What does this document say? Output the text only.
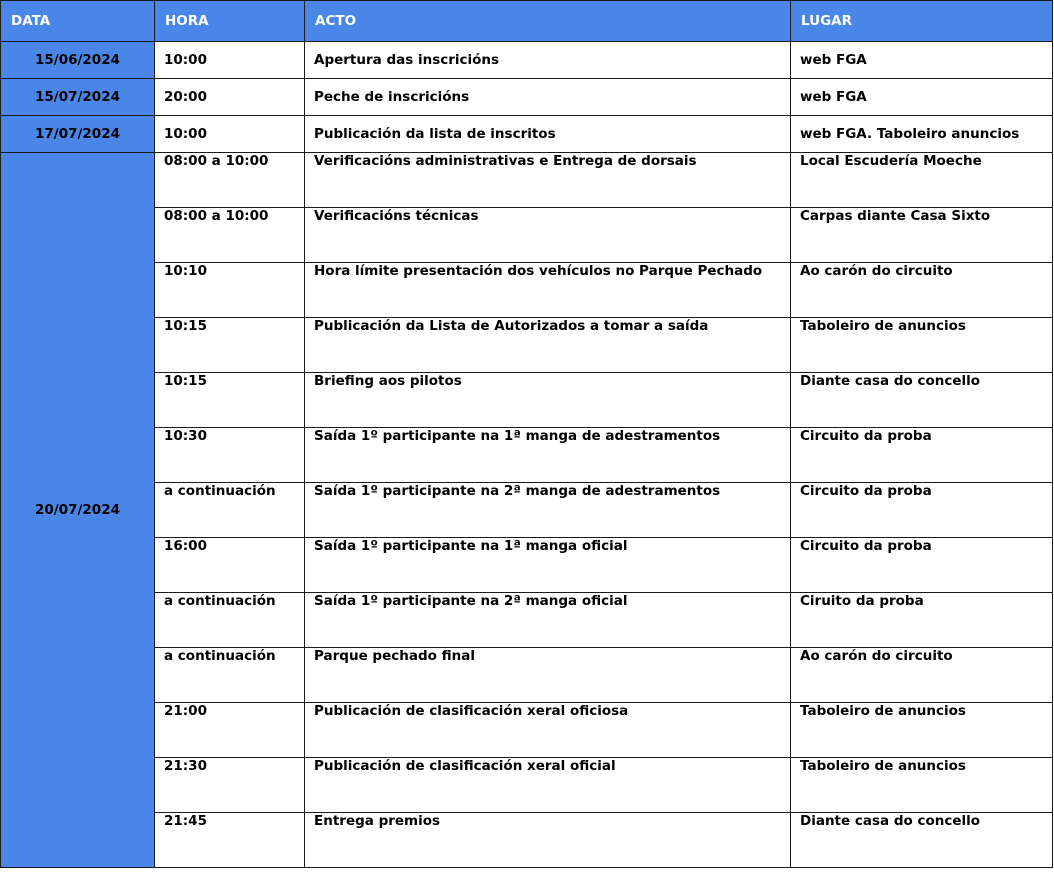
DATA	HORA	ACTO	LUGAR
15/06/2024	10:00	Apertura das inscricións	web FGA
15/07/2024	20:00	Peche de inscricións	web FGA
17/07/2024	10:00	Publicación da lista de inscritos	web FGA. Taboleiro anuncios
20/07/2024	08:00 a 10:00	Verificacións administrativas e Entrega de dorsais	Local Escudería Moeche
	08:00 a 10:00	Verificacións técnicas	Carpas diante Casa Sixto
	10:10	Hora límite presentación dos vehículos no Parque Pechado	Ao carón do circuito
	10:15	Publicación da Lista de Autorizados a tomar a saída	Taboleiro de anuncios
	10:15	Briefing aos pilotos	Diante casa do concello
	10:30	Saída 1º participante na 1ª manga de adestramentos	Circuito da proba
	a continuación	Saída 1º participante na 2ª manga de adestramentos	Circuito da proba
	16:00	Saída 1º participante na 1ª manga oficial	Circuito da proba
	a continuación	Saída 1º participante na 2ª manga oficial	Ciruito da proba
	a continuación	Parque pechado final	Ao carón do circuito
	21:00	Publicación de clasificación xeral oficiosa	Taboleiro de anuncios
	21:30	Publicación de clasificación xeral oficial	Taboleiro de anuncios
	21:45	Entrega premios	Diante casa do concello
